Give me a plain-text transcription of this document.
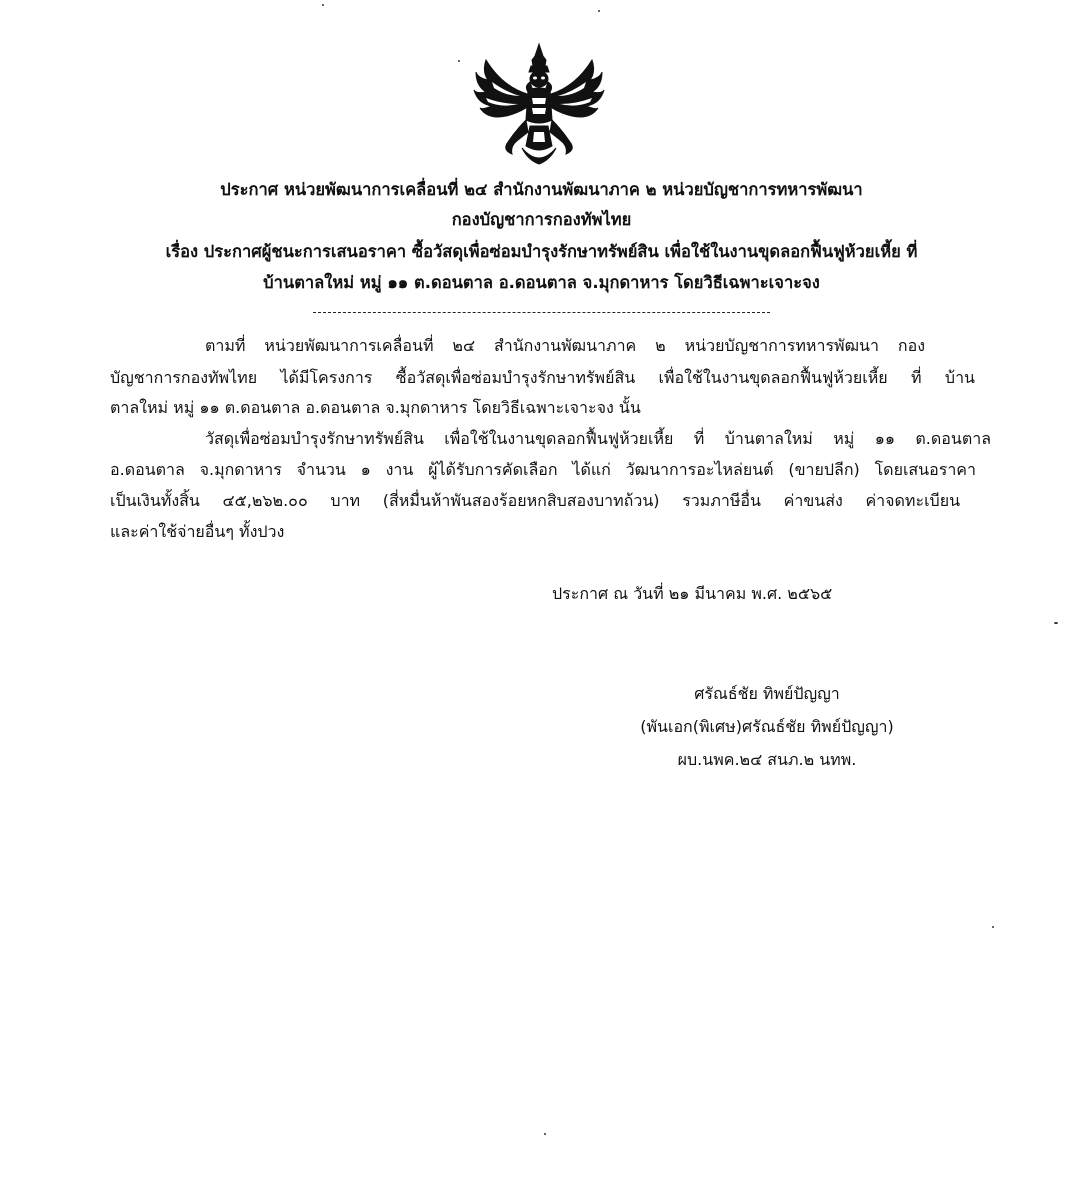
ประกาศ หน่วยพัฒนาการเคลื่อนที่ ๒๔ สำนักงานพัฒนาภาค ๒ หน่วยบัญชาการทหารพัฒนา
กองบัญชาการกองทัพไทย
เรื่อง ประกาศผู้ชนะการเสนอราคา ซื้อวัสดุเพื่อซ่อมบำรุงรักษาทรัพย์สิน เพื่อใช้ในงานขุดลอกฟื้นฟูห้วยเหี้ย ที่
บ้านตาลใหม่ หมู่ ๑๑ ต.ดอนตาล อ.ดอนตาล จ.มุกดาหาร โดยวิธีเฉพาะเจาะจง
ตามที่ หน่วยพัฒนาการเคลื่อนที่ ๒๔ สำนักงานพัฒนาภาค ๒ หน่วยบัญชาการทหารพัฒนา กอง
บัญชาการกองทัพไทย ได้มีโครงการ ซื้อวัสดุเพื่อซ่อมบำรุงรักษาทรัพย์สิน เพื่อใช้ในงานขุดลอกฟื้นฟูห้วยเหี้ย ที่ บ้าน
ตาลใหม่ หมู่ ๑๑ ต.ดอนตาล อ.ดอนตาล จ.มุกดาหาร โดยวิธีเฉพาะเจาะจง นั้น
วัสดุเพื่อซ่อมบำรุงรักษาทรัพย์สิน เพื่อใช้ในงานขุดลอกฟื้นฟูห้วยเหี้ย ที่ บ้านตาลใหม่ หมู่ ๑๑ ต.ดอนตาล
อ.ดอนตาล จ.มุกดาหาร จำนวน ๑ งาน ผู้ได้รับการคัดเลือก ได้แก่ วัฒนาการอะไหล่ยนต์ (ขายปลีก) โดยเสนอราคา
เป็นเงินทั้งสิ้น ๔๕,๒๖๒.๐๐ บาท (สี่หมื่นห้าพันสองร้อยหกสิบสองบาทถ้วน) รวมภาษีอื่น ค่าขนส่ง ค่าจดทะเบียน
และค่าใช้จ่ายอื่นๆ ทั้งปวง
ประกาศ ณ วันที่ ๒๑ มีนาคม พ.ศ. ๒๕๖๕
ศรัณธ์ชัย ทิพย์ปัญญา
(พันเอก(พิเศษ)ศรัณธ์ชัย ทิพย์ปัญญา)
ผบ.นพค.๒๔ สนภ.๒ นทพ.
